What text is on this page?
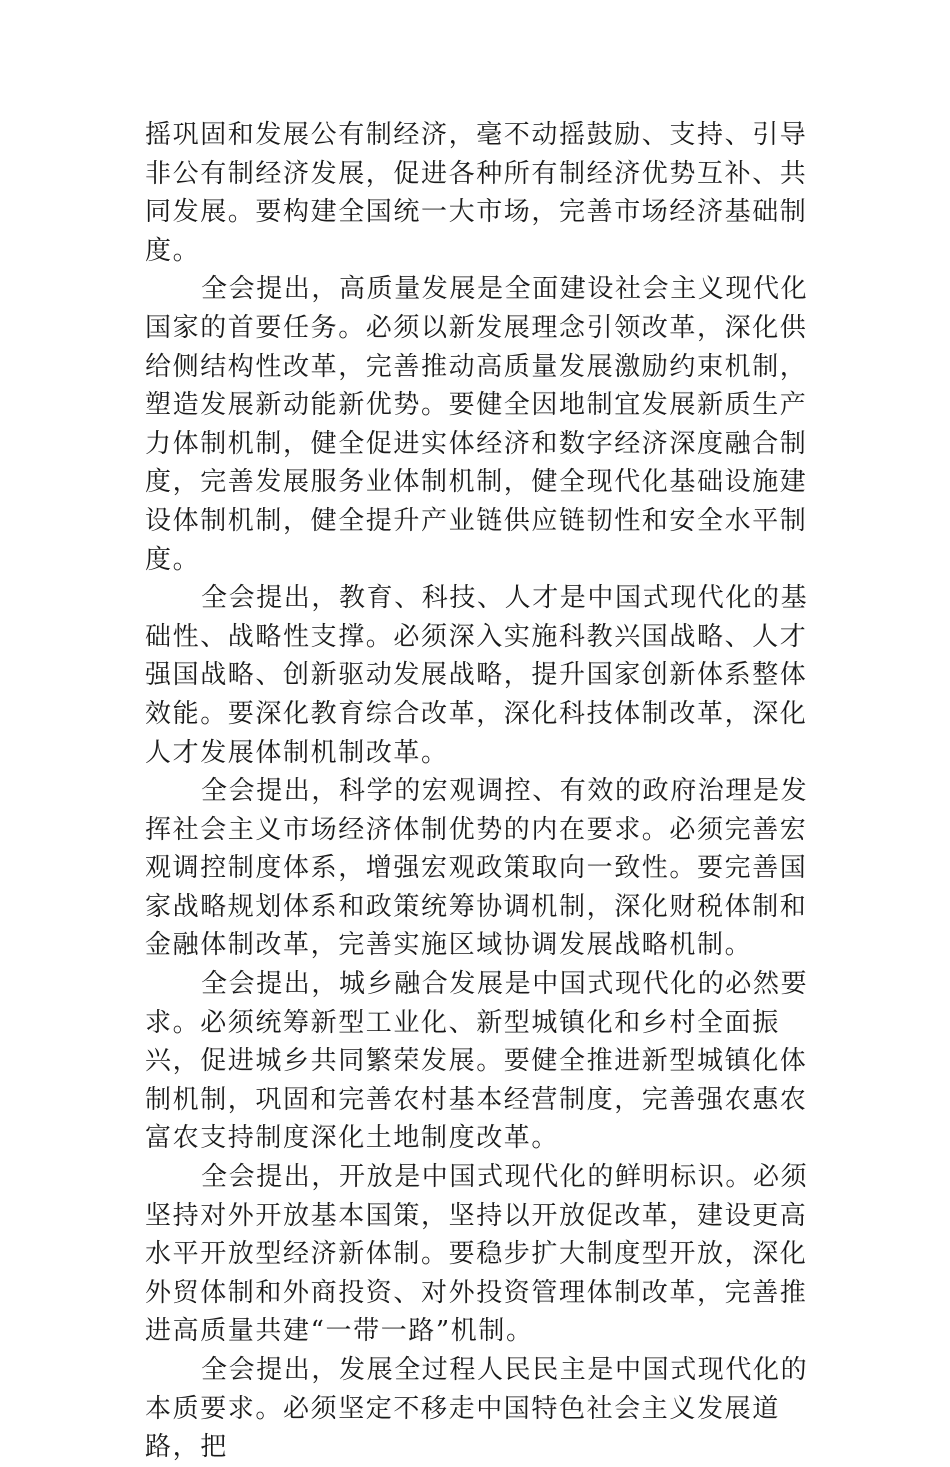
摇巩固和发展公有制经济，毫不动摇鼓励、支持、引导非公有制经济发展，促进各种所有制经济优势互补、共同发展。要构建全国统一大市场，完善市场经济基础制度。

全会提出，高质量发展是全面建设社会主义现代化国家的首要任务。必须以新发展理念引领改革，深化供给侧结构性改革，完善推动高质量发展激励约束机制，塑造发展新动能新优势。要健全因地制宜发展新质生产力体制机制，健全促进实体经济和数字经济深度融合制度，完善发展服务业体制机制，健全现代化基础设施建设体制机制，健全提升产业链供应链韧性和安全水平制度。

全会提出，教育、科技、人才是中国式现代化的基础性、战略性支撑。必须深入实施科教兴国战略、人才强国战略、创新驱动发展战略，提升国家创新体系整体效能。要深化教育综合改革，深化科技体制改革，深化人才发展体制机制改革。

全会提出，科学的宏观调控、有效的政府治理是发挥社会主义市场经济体制优势的内在要求。必须完善宏观调控制度体系，增强宏观政策取向一致性。要完善国家战略规划体系和政策统筹协调机制，深化财税体制和金融体制改革，完善实施区域协调发展战略机制。

全会提出，城乡融合发展是中国式现代化的必然要求。必须统筹新型工业化、新型城镇化和乡村全面振兴，促进城乡共同繁荣发展。要健全推进新型城镇化体制机制，巩固和完善农村基本经营制度，完善强农惠农富农支持制度深化土地制度改革。

全会提出，开放是中国式现代化的鲜明标识。必须坚持对外开放基本国策，坚持以开放促改革，建设更高水平开放型经济新体制。要稳步扩大制度型开放，深化外贸体制和外商投资、对外投资管理体制改革，完善推进高质量共建“一带一路”机制。

全会提出，发展全过程人民民主是中国式现代化的本质要求。必须坚定不移走中国特色社会主义发展道路，把
